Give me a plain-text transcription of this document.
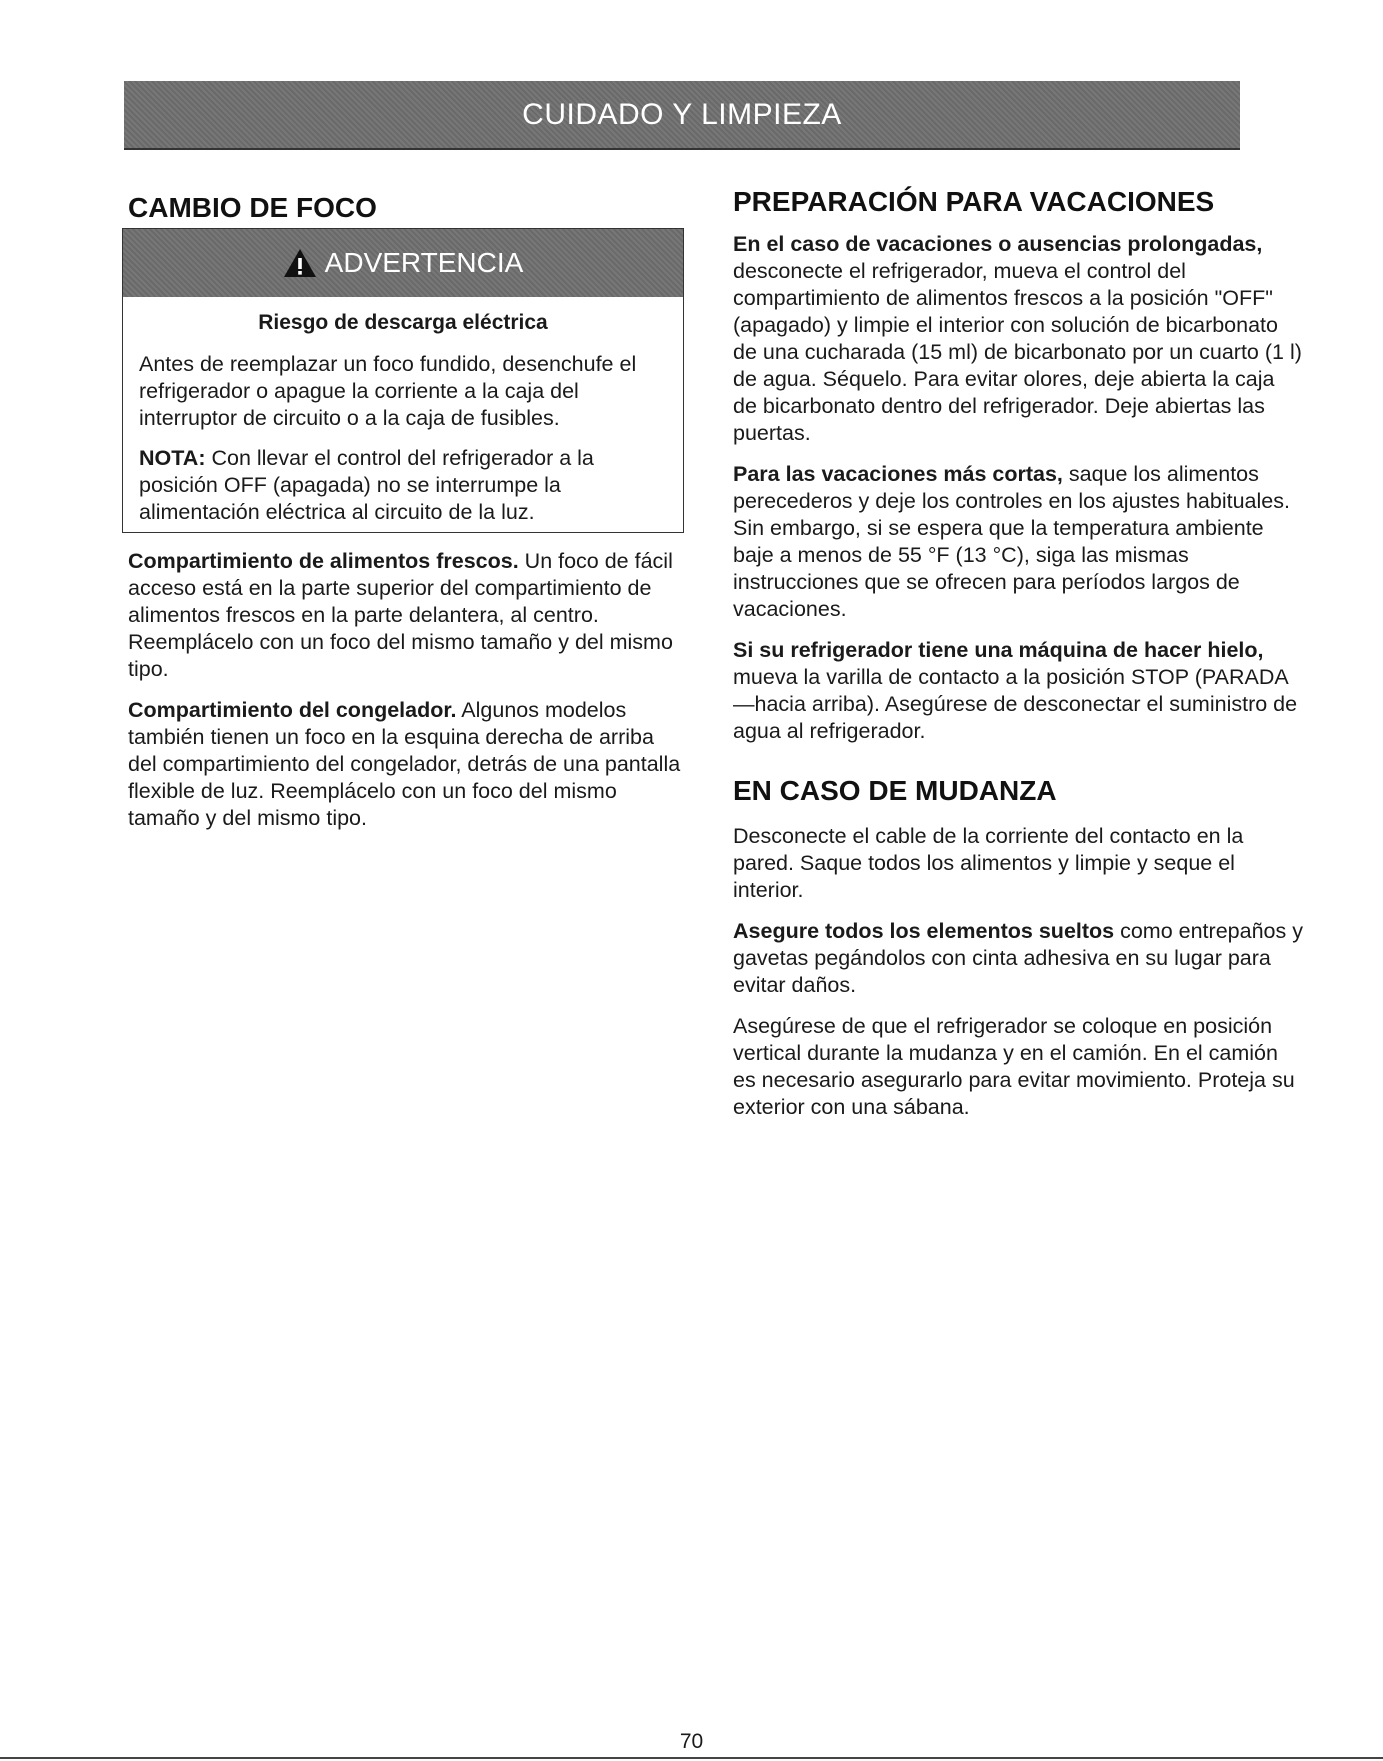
CUIDADO Y LIMPIEZA
CAMBIO DE FOCO
ADVERTENCIA
Riesgo de descarga eléctrica

Antes de reemplazar un foco fundido, desenchufe el refrigerador o apague la corriente a la caja del interruptor de circuito o a la caja de fusibles.

NOTA: Con llevar el control del refrigerador a la posición OFF (apagada) no se interrumpe la alimentación eléctrica al circuito de la luz.

Compartimiento de alimentos frescos. Un foco de fácil acceso está en la parte superior del compartimiento de alimentos frescos en la parte delantera, al centro. Reemplácelo con un foco del mismo tamaño y del mismo tipo.

Compartimiento del congelador. Algunos modelos también tienen un foco en la esquina derecha de arriba del compartimiento del congelador, detrás de una pantalla flexible de luz. Reemplácelo con un foco del mismo tamaño y del mismo tipo.

PREPARACIÓN PARA VACACIONES

En el caso de vacaciones o ausencias prolongadas, desconecte el refrigerador, mueva el control del compartimiento de alimentos frescos a la posición "OFF" (apagado) y limpie el interior con solución de bicarbonato de una cucharada (15 ml) de bicarbonato por un cuarto (1 l) de agua. Séquelo. Para evitar olores, deje abierta la caja de bicarbonato dentro del refrigerador. Deje abiertas las puertas.

Para las vacaciones más cortas, saque los alimentos perecederos y deje los controles en los ajustes habituales. Sin embargo, si se espera que la temperatura ambiente baje a menos de 55 °F (13 °C), siga las mismas instrucciones que se ofrecen para períodos largos de vacaciones.

Si su refrigerador tiene una máquina de hacer hielo, mueva la varilla de contacto a la posición STOP (PARADA—hacia arriba). Asegúrese de desconectar el suministro de agua al refrigerador.

EN CASO DE MUDANZA

Desconecte el cable de la corriente del contacto en la pared. Saque todos los alimentos y limpie y seque el interior.

Asegure todos los elementos sueltos como entrepaños y gavetas pegándolos con cinta adhesiva en su lugar para evitar daños.

Asegúrese de que el refrigerador se coloque en posición vertical durante la mudanza y en el camión. En el camión es necesario asegurarlo para evitar movimiento. Proteja su exterior con una sábana.

70
